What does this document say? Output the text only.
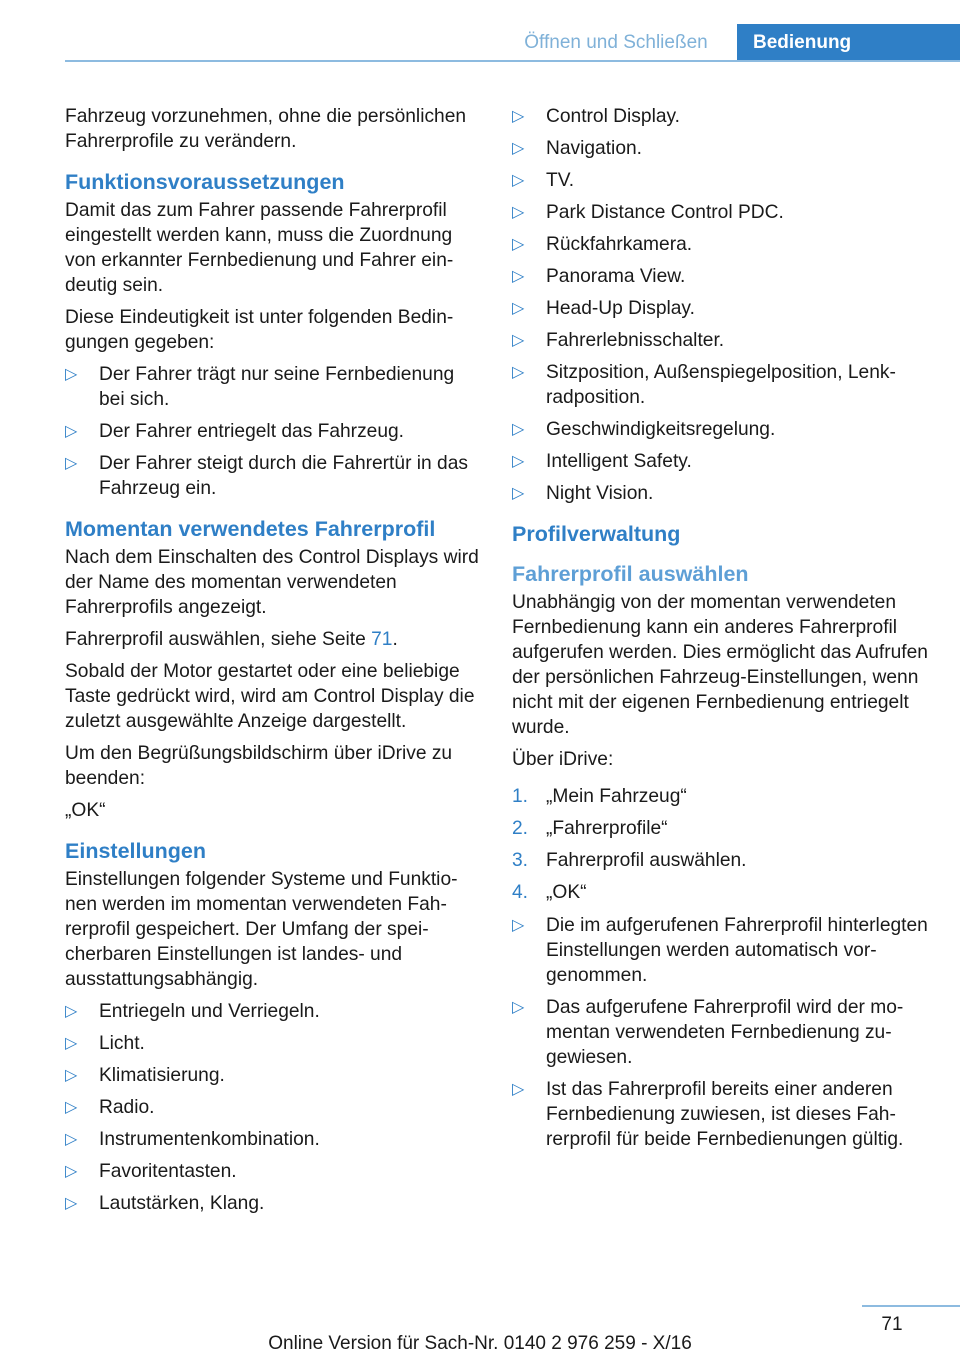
Öffnen und Schließen	Bedienung

Fahrzeug vorzunehmen, ohne die persönlichen Fahrerprofile zu verändern.

Funktionsvoraussetzungen

Damit das zum Fahrer passende Fahrerprofil eingestellt werden kann, muss die Zuordnung von erkannter Fernbedienung und Fahrer eindeutig sein.

Diese Eindeutigkeit ist unter folgenden Bedingungen gegeben:

▷ Der Fahrer trägt nur seine Fernbedienung bei sich.
▷ Der Fahrer entriegelt das Fahrzeug.
▷ Der Fahrer steigt durch die Fahrertür in das Fahrzeug ein.
Momentan verwendetes Fahrerprofil

Nach dem Einschalten des Control Displays wird der Name des momentan verwendeten Fahrerprofils angezeigt.

Fahrerprofil auswählen, siehe Seite 71.

Sobald der Motor gestartet oder eine beliebige Taste gedrückt wird, wird am Control Display die zuletzt ausgewählte Anzeige dargestellt.

Um den Begrüßungsbildschirm über iDrive zu beenden:

„OK“

Einstellungen

Einstellungen folgender Systeme und Funktionen werden im momentan verwendeten Fahrerprofil gespeichert. Der Umfang der speicherbaren Einstellungen ist landes- und ausstattungsabhängig.

▷ Entriegeln und Verriegeln.
▷ Licht.
▷ Klimatisierung.
▷ Radio.
▷ Instrumentenkombination.
▷ Favoritentasten.
▷ Lautstärken, Klang.
▷ Control Display.
▷ Navigation.
▷ TV.
▷ Park Distance Control PDC.
▷ Rückfahrkamera.
▷ Panorama View.
▷ Head-Up Display.
▷ Fahrerlebnisschalter.
▷ Sitzposition, Außenspiegelposition, Lenkradposition.
▷ Geschwindigkeitsregelung.
▷ Intelligent Safety.
▷ Night Vision.
Profilverwaltung
Fahrerprofil auswählen

Unabhängig von der momentan verwendeten Fernbedienung kann ein anderes Fahrerprofil aufgerufen werden. Dies ermöglicht das Aufrufen der persönlichen Fahrzeug-Einstellungen, wenn nicht mit der eigenen Fernbedienung entriegelt wurde.

Über iDrive:

1. „Mein Fahrzeug“
2. „Fahrerprofile“
3. Fahrerprofil auswählen.
4. „OK“
▷ Die im aufgerufenen Fahrerprofil hinterlegten Einstellungen werden automatisch vorgenommen.
▷ Das aufgerufene Fahrerprofil wird der momentan verwendeten Fernbedienung zugewiesen.
▷ Ist das Fahrerprofil bereits einer anderen Fernbedienung zuwiesen, ist dieses Fahrerprofil für beide Fernbedienungen gültig.
71
Online Version für Sach-Nr. 0140 2 976 259 - X/16
